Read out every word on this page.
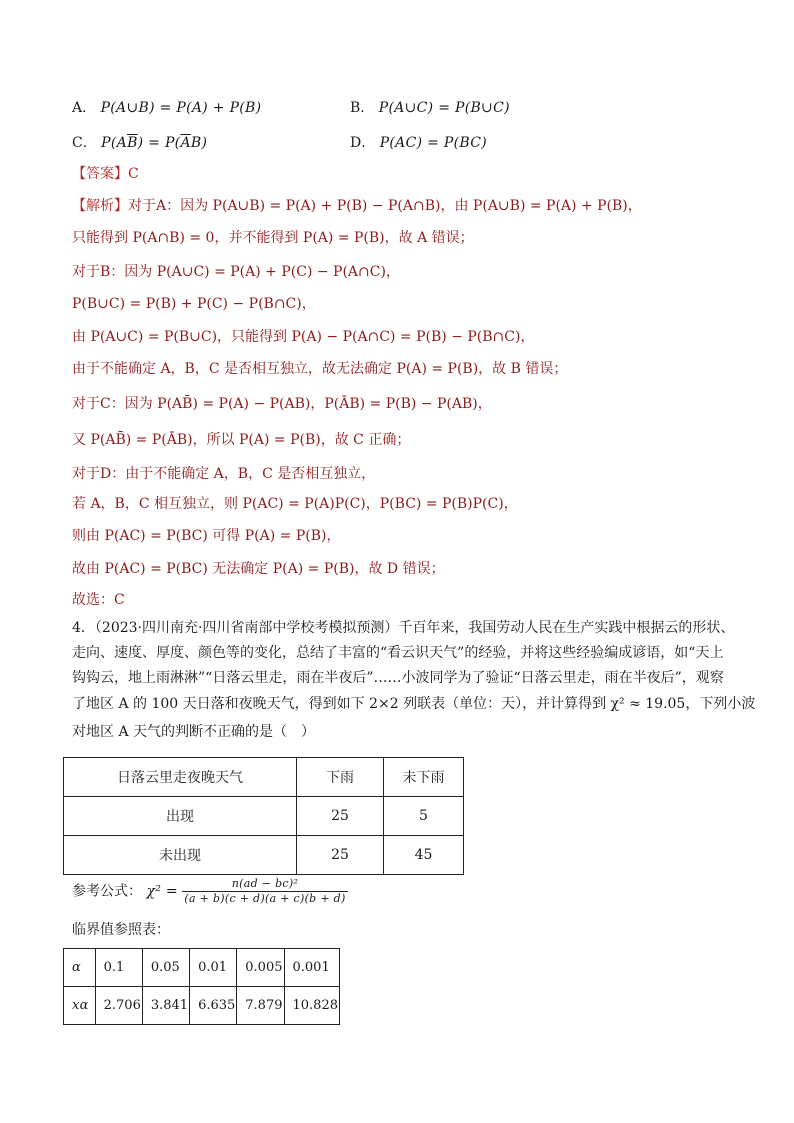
A． P(A∪B) = P(A) + P(B)	B． P(A∪C) = P(B∪C)
C． $P(A\overline{B}) = P(\overline{A}B)$	D． P(AC) = P(BC)
【答案】C
【解析】对于A：因为 P(A∪B) = P(A) + P(B) − P(A∩B)，由 P(A∪B) = P(A) + P(B)，
只能得到 P(A∩B) = 0，并不能得到 P(A) = P(B)，故 A 错误；
对于B：因为 P(A∪C) = P(A) + P(C) − P(A∩C)，
P(B∪C) = P(B) + P(C) − P(B∩C)，
由 P(A∪C) = P(B∪C)，只能得到 P(A) − P(A∩C) = P(B) − P(B∩C)，
由于不能确定 A，B，C 是否相互独立，故无法确定 P(A) = P(B)，故 B 错误；
对于C：因为 P(AB̄) = P(A) − P(AB)，P(ĀB) = P(B) − P(AB)，
又 P(AB̄) = P(ĀB)，所以 P(A) = P(B)，故 C 正确；
对于D：由于不能确定 A，B，C 是否相互独立，
若 A，B，C 相互独立，则 P(AC) = P(A)P(C)，P(BC) = P(B)P(C)，
则由 P(AC) = P(BC) 可得 P(A) = P(B)，
故由 P(AC) = P(BC) 无法确定 P(A) = P(B)，故 D 错误；
故选：C
4．（2023·四川南充·四川省南部中学校考模拟预测）千百年来，我国劳动人民在生产实践中根据云的形状、
走向、速度、厚度、颜色等的变化，总结了丰富的“看云识天气”的经验，并将这些经验编成谚语，如“天上
钩钩云，地上雨淋淋”“日落云里走，雨在半夜后”……小波同学为了验证“日落云里走，雨在半夜后”，观察
了地区 A 的 100 天日落和夜晚天气，得到如下 2×2 列联表（单位：天），并计算得到 χ² ≈ 19.05，下列小波
对地区 A 天气的判断不正确的是（　）
日落云里走夜晚天气	下雨	未下雨
出现	25	5
未出现	25	45
参考公式： $\chi^2 = \frac{\text{n(ad − bc)²}}{(a + b)(c + d)(a + c)(b + d)}$
临界值参照表：
α	0.1	0.05	0.01	0.005	0.001
xα	2.706	3.841	6.635	7.879	10.828
